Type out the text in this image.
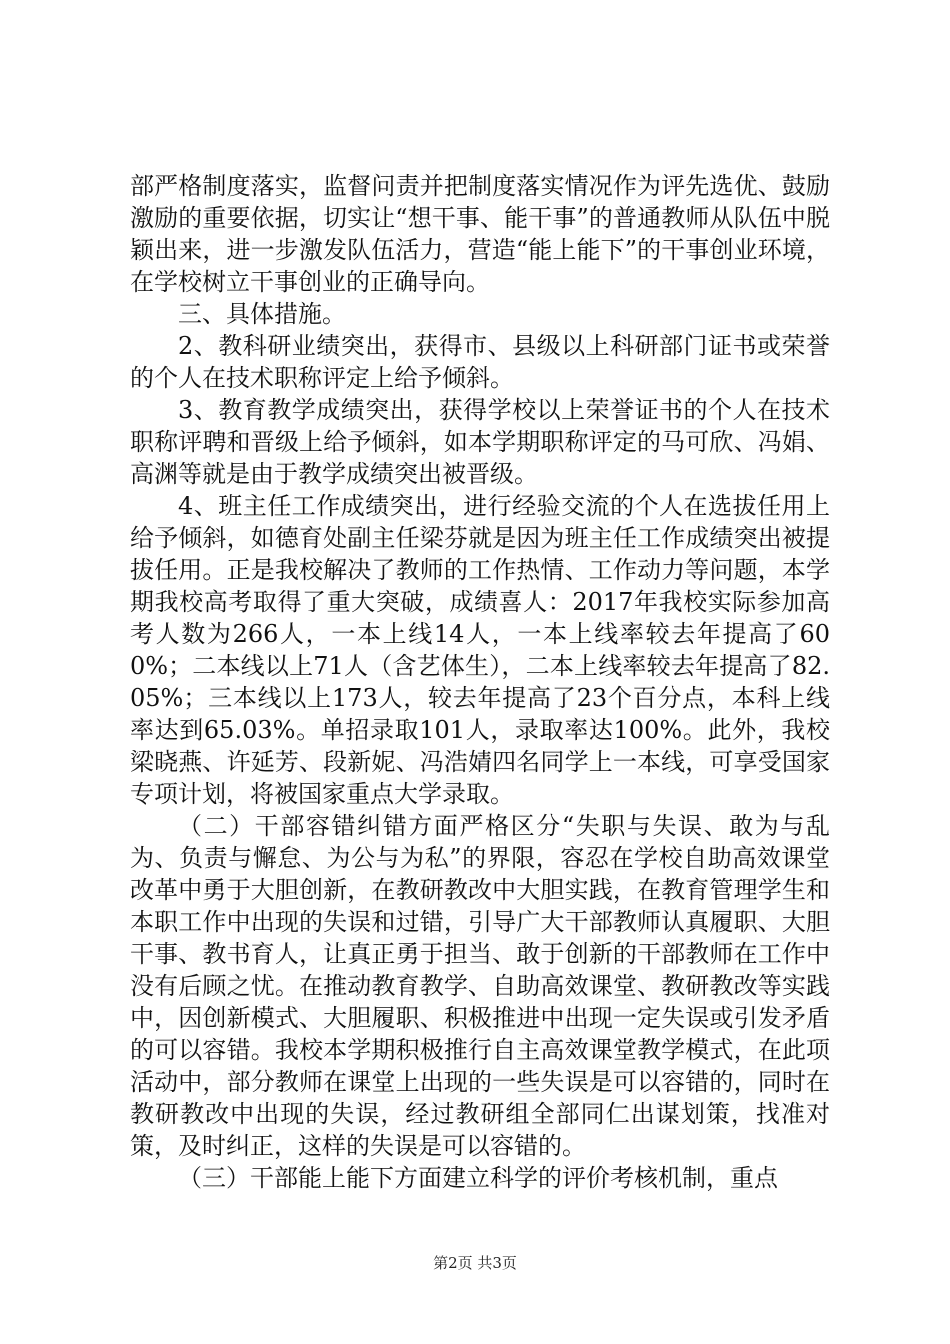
部严格制度落实，监督问责并把制度落实情况作为评先选优、鼓励激励的重要依据，切实让“想干事、能干事”的普通教师从队伍中脱颖出来，进一步激发队伍活力，营造“能上能下”的干事创业环境，在学校树立干事创业的正确导向。

三、具体措施。

2、教科研业绩突出，获得市、县级以上科研部门证书或荣誉的个人在技术职称评定上给予倾斜。

3、教育教学成绩突出，获得学校以上荣誉证书的个人在技术职称评聘和晋级上给予倾斜，如本学期职称评定的马可欣、冯娟、高渊等就是由于教学成绩突出被晋级。

4、班主任工作成绩突出，进行经验交流的个人在选拔任用上给予倾斜，如德育处副主任梁芬就是因为班主任工作成绩突出被提拔任用。正是我校解决了教师的工作热情、工作动力等问题，本学期我校高考取得了重大突破，成绩喜人：2017年我校实际参加高考人数为266人，一本上线14人，一本上线率较去年提高了600%；二本线以上71人（含艺体生），二本上线率较去年提高了82.05%；三本线以上173人，较去年提高了23个百分点，本科上线率达到65.03%。单招录取101人，录取率达100%。此外，我校梁晓燕、许延芳、段新妮、冯浩婧四名同学上一本线，可享受国家专项计划，将被国家重点大学录取。

（二）干部容错纠错方面严格区分“失职与失误、敢为与乱为、负责与懈怠、为公与为私”的界限，容忍在学校自助高效课堂改革中勇于大胆创新，在教研教改中大胆实践，在教育管理学生和本职工作中出现的失误和过错，引导广大干部教师认真履职、大胆干事、教书育人，让真正勇于担当、敢于创新的干部教师在工作中没有后顾之忧。在推动教育教学、自助高效课堂、教研教改等实践中，因创新模式、大胆履职、积极推进中出现一定失误或引发矛盾的可以容错。我校本学期积极推行自主高效课堂教学模式，在此项活动中，部分教师在课堂上出现的一些失误是可以容错的，同时在教研教改中出现的失误，经过教研组全部同仁出谋划策，找准对策，及时纠正，这样的失误是可以容错的。

（三）干部能上能下方面建立科学的评价考核机制，重点

第2页 共3页
